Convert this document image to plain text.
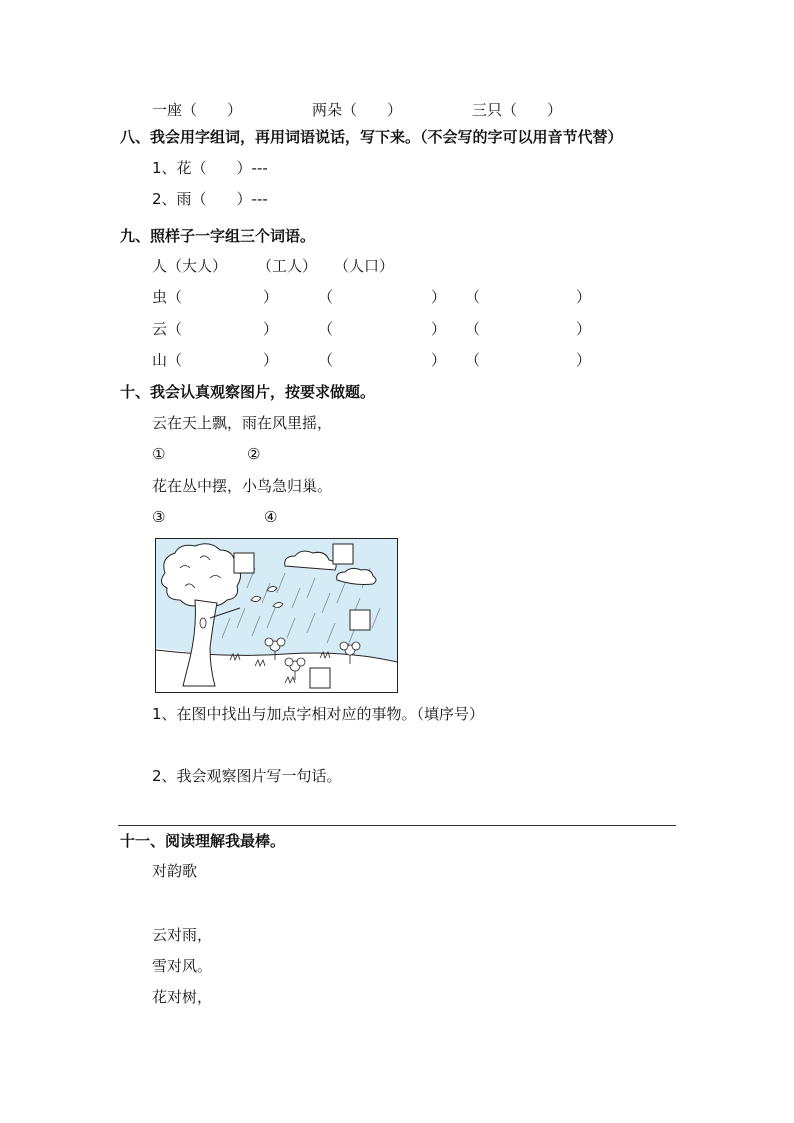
一座（　　）	两朵（　　）	三只（　　）
八、我会用字组词，再用词语说话，写下来。（不会写的字可以用音节代替）
1、花（　　）---
2、雨（　　）---
九、照样子一字组三个词语。
人（大人） （工人） （人口）
虫（	）	（	） （	）
云（	）	（	） （	）
山（	）	（	） （	）
十、我会认真观察图片，按要求做题。
云在天上飘，雨在风里摇，
①	②
花在丛中摆，小鸟急归巢。
③	④
1、在图中找出与加点字相对应的事物。（填序号）
2、我会观察图片写一句话。
十一、阅读理解我最棒。
对韵歌
云对雨，
雪对风。
花对树，
